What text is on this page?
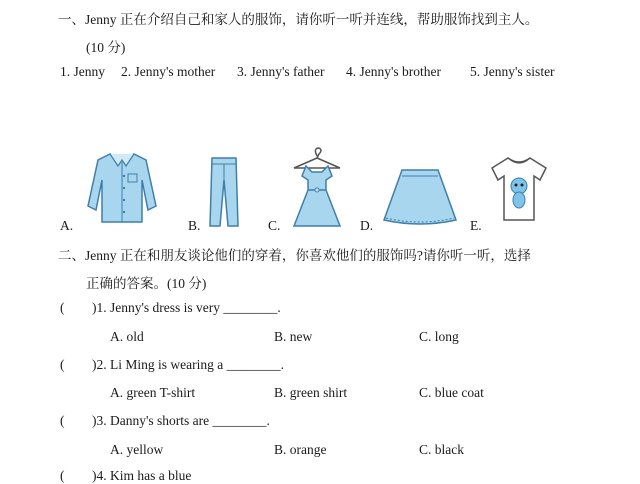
一、Jenny 正在介绍自己和家人的服饰，请你听一听并连线，帮助服饰找到主人。
(10 分)
1. Jenny 2. Jenny's mother 3. Jenny's father 4. Jenny's brother 5. Jenny's sister
A.	B.	C.	D.	E.
二、Jenny 正在和朋友谈论他们的穿着，你喜欢他们的服饰吗?请你听一听，选择
正确的答案。(10 分)
( )1. Jenny's dress is very ________.
A. old	B. new	C. long
( )2. Li Ming is wearing a ________.
A. green T-shirt	B. green shirt	C. blue coat
( )3. Danny's shorts are ________.
A. yellow	B. orange	C. black
( )4. Kim has a blue
